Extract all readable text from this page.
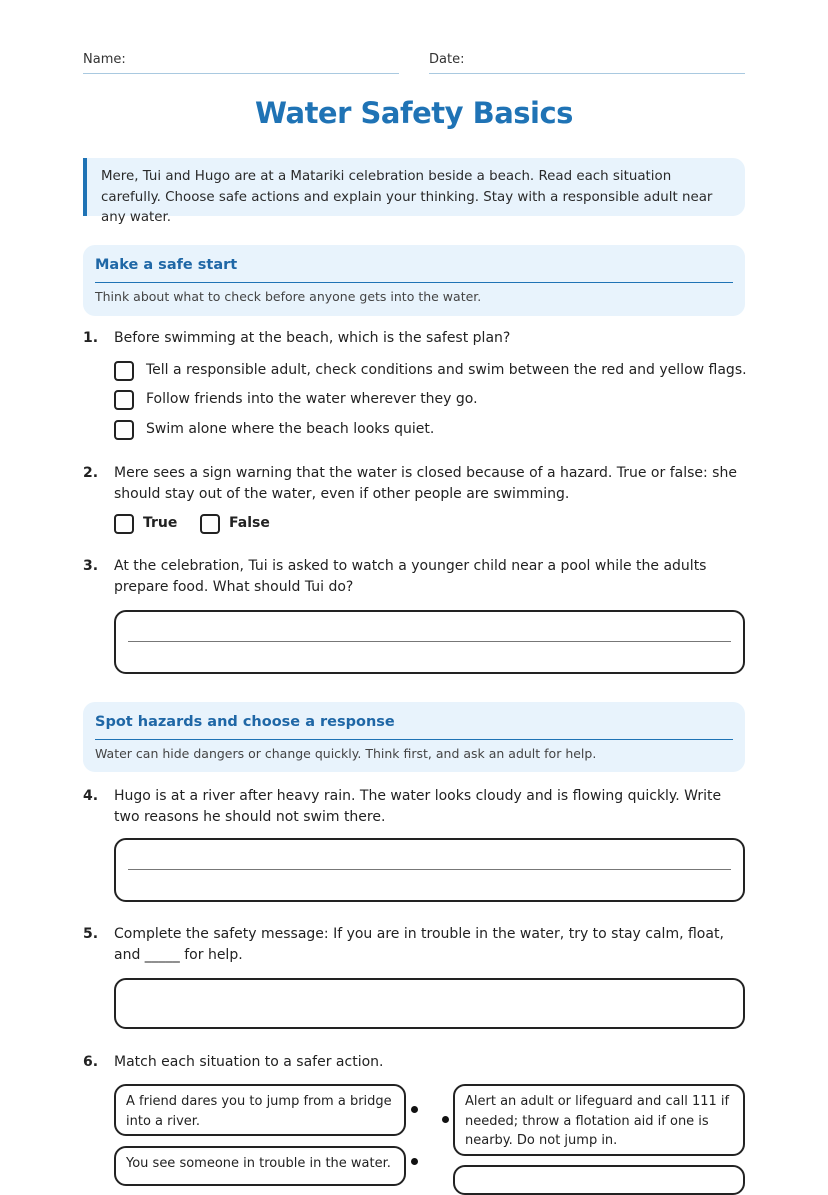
Name:	Date:
Water Safety Basics
Mere, Tui and Hugo are at a Matariki celebration beside a beach. Read each situation carefully. Choose safe actions and explain your thinking. Stay with a responsible adult near any water.
Make a safe start
Think about what to check before anyone gets into the water.
1. Before swimming at the beach, which is the safest plan?
Tell a responsible adult, check conditions and swim between the red and yellow flags.
Follow friends into the water wherever they go.
Swim alone where the beach looks quiet.
2. Mere sees a sign warning that the water is closed because of a hazard. True or false: she should stay out of the water, even if other people are swimming.
True	False
3. At the celebration, Tui is asked to watch a younger child near a pool while the adults prepare food. What should Tui do?
Spot hazards and choose a response
Water can hide dangers or change quickly. Think first, and ask an adult for help.
4. Hugo is at a river after heavy rain. The water looks cloudy and is flowing quickly. Write two reasons he should not swim there.
5. Complete the safety message: If you are in trouble in the water, try to stay calm, float, and _____ for help.
6. Match each situation to a safer action.
A friend dares you to jump from a bridge into a river.
Alert an adult or lifeguard and call 111 if needed; throw a flotation aid if one is nearby. Do not jump in.
You see someone in trouble in the water.
